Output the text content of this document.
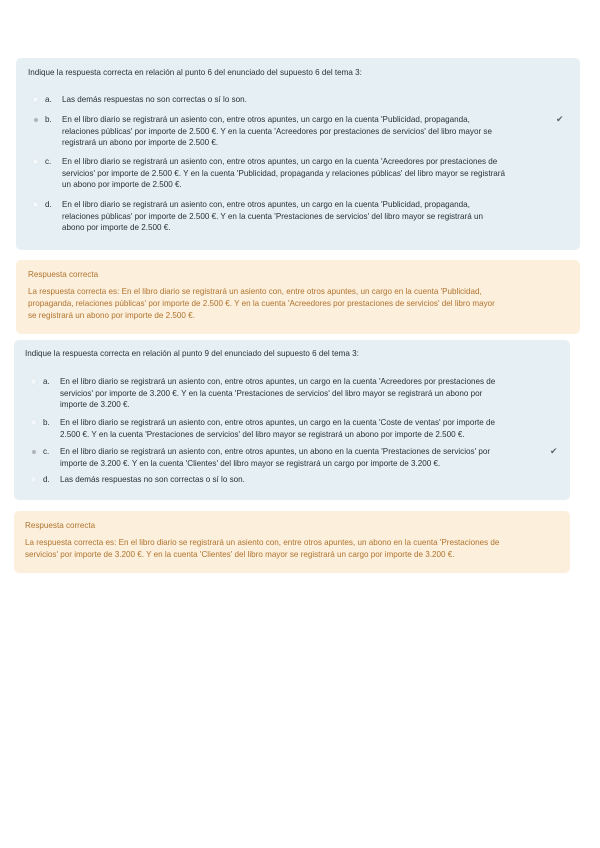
Indique la respuesta correcta en relación al punto 6 del enunciado del supuesto 6 del tema 3:
a. Las demás respuestas no son correctas o sí lo son.
b. En el libro diario se registrará un asiento con, entre otros apuntes, un cargo en la cuenta 'Publicidad, propaganda,
relaciones públicas' por importe de 2.500 €. Y en la cuenta 'Acreedores por prestaciones de servicios' del libro mayor se
registrará un abono por importe de 2.500 €.
✔
c. En el libro diario se registrará un asiento con, entre otros apuntes, un cargo en la cuenta 'Acreedores por prestaciones de
servicios' por importe de 2.500 €. Y en la cuenta 'Publicidad, propaganda y relaciones públicas' del libro mayor se registrará
un abono por importe de 2.500 €.
d. En el libro diario se registrará un asiento con, entre otros apuntes, un cargo en la cuenta 'Publicidad, propaganda,
relaciones públicas' por importe de 2.500 €. Y en la cuenta 'Prestaciones de servicios' del libro mayor se registrará un
abono por importe de 2.500 €.
Respuesta correcta
La respuesta correcta es: En el libro diario se registrará un asiento con, entre otros apuntes, un cargo en la cuenta 'Publicidad,
propaganda, relaciones públicas' por importe de 2.500 €. Y en la cuenta 'Acreedores por prestaciones de servicios' del libro mayor
se registrará un abono por importe de 2.500 €.
Indique la respuesta correcta en relación al punto 9 del enunciado del supuesto 6 del tema 3:
a. En el libro diario se registrará un asiento con, entre otros apuntes, un cargo en la cuenta 'Acreedores por prestaciones de
servicios' por importe de 3.200 €. Y en la cuenta 'Prestaciones de servicios' del libro mayor se registrará un abono por
importe de 3.200 €.
b. En el libro diario se registrará un asiento con, entre otros apuntes, un cargo en la cuenta 'Coste de ventas' por importe de
2.500 €. Y en la cuenta 'Prestaciones de servicios' del libro mayor se registrará un abono por importe de 2.500 €.
c. En el libro diario se registrará un asiento con, entre otros apuntes, un abono en la cuenta 'Prestaciones de servicios' por
importe de 3.200 €. Y en la cuenta 'Clientes' del libro mayor se registrará un cargo por importe de 3.200 €.
✔
d. Las demás respuestas no son correctas o sí lo son.
Respuesta correcta
La respuesta correcta es: En el libro diario se registrará un asiento con, entre otros apuntes, un abono en la cuenta 'Prestaciones de
servicios' por importe de 3.200 €. Y en la cuenta 'Clientes' del libro mayor se registrará un cargo por importe de 3.200 €.
